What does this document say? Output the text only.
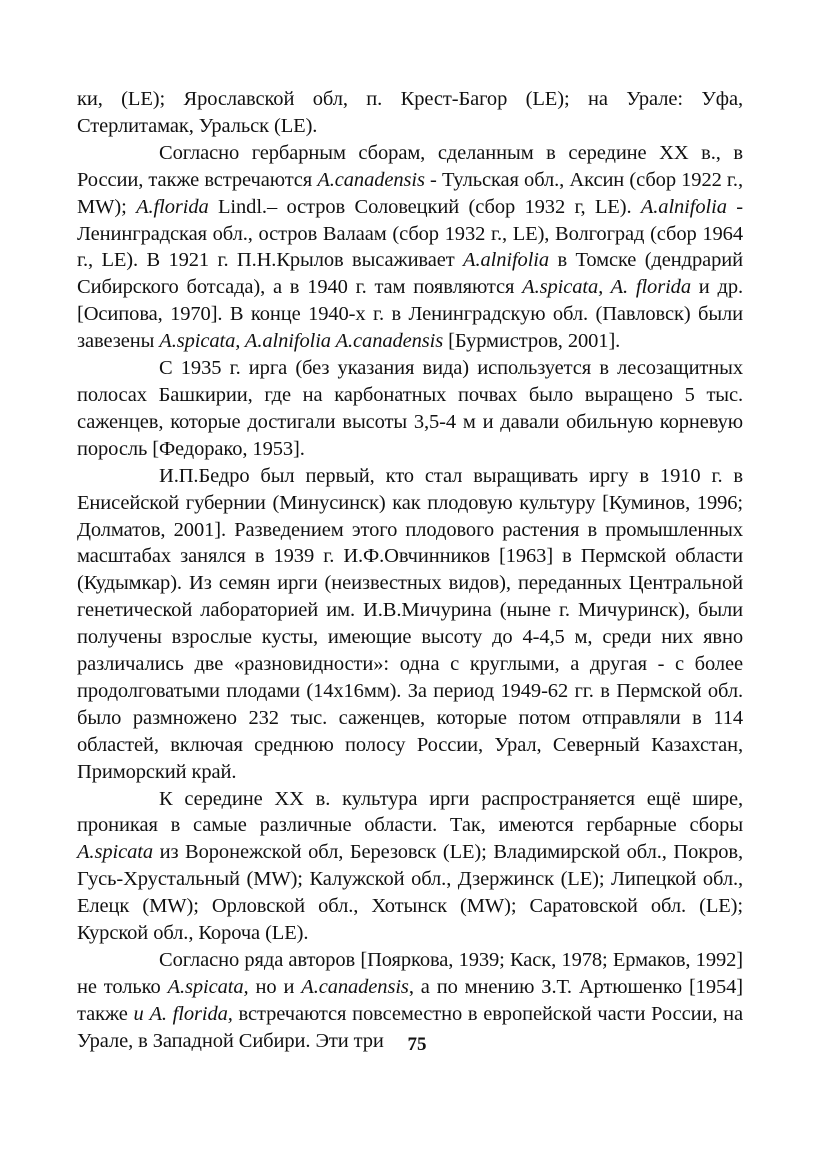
ки, (LE); Ярославской обл, п. Крест-Багор (LE); на Урале: Уфа, Стерлитамак, Уральск (LE).

Согласно гербарным сборам, сделанным в середине XX в., в России, также встречаются A.canadensis - Тульская обл., Аксин (сбор 1922 г., MW); A.florida Lindl.– остров Соловецкий (сбор 1932 г, LE). A.alnifolia - Ленинградская обл., остров Валаам (сбор 1932 г., LE), Волгоград (сбор 1964 г., LE). В 1921 г. П.Н.Крылов высаживает A.alnifolia в Томске (дендрарий Сибирского ботсада), а в 1940 г. там появляются A.spicata, A. florida и др. [Осипова, 1970]. В конце 1940-х г. в Ленинградскую обл. (Павловск) были завезены A.spicata, A.alnifolia A.canadensis [Бурмистров, 2001].

С 1935 г. ирга (без указания вида) используется в лесозащитных полосах Башкирии, где на карбонатных почвах было выращено 5 тыс. саженцев, которые достигали высоты 3,5-4 м и давали обильную корневую поросль [Федорако, 1953].

И.П.Бедро был первый, кто стал выращивать иргу в 1910 г. в Енисейской губернии (Минусинск) как плодовую культуру [Куминов, 1996; Долматов, 2001]. Разведением этого плодового растения в промышленных масштабах занялся в 1939 г. И.Ф.Овчинников [1963] в Пермской области (Кудымкар). Из семян ирги (неизвестных видов), переданных Центральной генетической лабораторией им. И.В.Мичурина (ныне г. Мичуринск), были получены взрослые кусты, имеющие высоту до 4-4,5 м, среди них явно различались две «разновидности»: одна с круглыми, а другая - с более продолговатыми плодами (14х16мм). За период 1949-62 гг. в Пермской обл. было размножено 232 тыс. саженцев, которые потом отправляли в 114 областей, включая среднюю полосу России, Урал, Северный Казахстан, Приморский край.

К середине XX в. культура ирги распространяется ещё шире, проникая в самые различные области. Так, имеются гербарные сборы A.spicata из Воронежской обл, Березовск (LE); Владимирской обл., Покров, Гусь-Хрустальный (MW); Калужской обл., Дзержинск (LE); Липецкой обл., Елецк (MW); Орловской обл., Хотынск (MW); Саратовской обл. (LE); Курской обл., Короча (LE).

Согласно ряда авторов [Пояркова, 1939; Каск, 1978; Ермаков, 1992] не только A.spicata, но и A.canadensis, а по мнению З.Т. Артюшенко [1954] также и A. florida, встречаются повсеместно в европейской части России, на Урале, в Западной Сибири. Эти три	75
